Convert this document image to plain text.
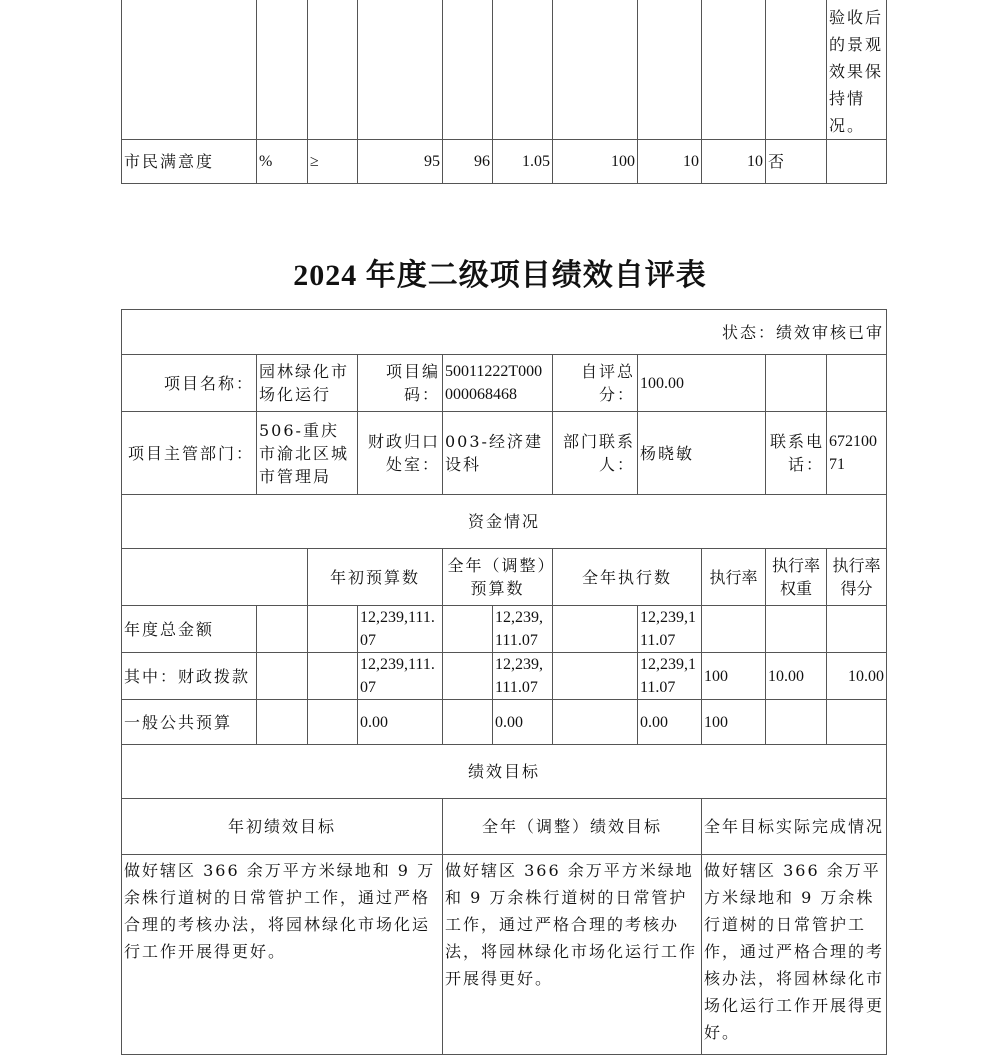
										验收后的景观效果保持情况。
市民满意度	%	≥	95	96	1.05	100	10	10	否	
2024 年度二级项目绩效自评表
状态：绩效审核已审										
项目名称：	园林绿化市场化运行		项目编码：	50011222T000000068468		自评总分：	100.00			
项目主管部门：	506-重庆市渝北区城市管理局		财政归口处室：	003-经济建设科		部门联系人：	杨晓敏		联系电话：	67210071
资金情况										
		年初预算数		全年（调整）预算数		全年执行数		执行率	执行率权重	执行率得分
年度总金额			12,239,111.07		12,239,111.07		12,239,111.07			
其中：财政拨款			12,239,111.07		12,239,111.07		12,239,111.07	100	10.00	10.00
一般公共预算			0.00		0.00		0.00	100		
绩效目标										
年初绩效目标				全年（调整）绩效目标				全年目标实际完成情况		
做好辖区 366 余万平方米绿地和 9 万余株行道树的日常管护工作，通过严格合理的考核办法，将园林绿化市场化运行工作开展得更好。				做好辖区 366 余万平方米绿地和 9 万余株行道树的日常管护工作，通过严格合理的考核办法，将园林绿化市场化运行工作开展得更好。				做好辖区 366 余万平方米绿地和 9 万余株行道树的日常管护工作，通过严格合理的考核办法，将园林绿化市场化运行工作开展得更好。		
